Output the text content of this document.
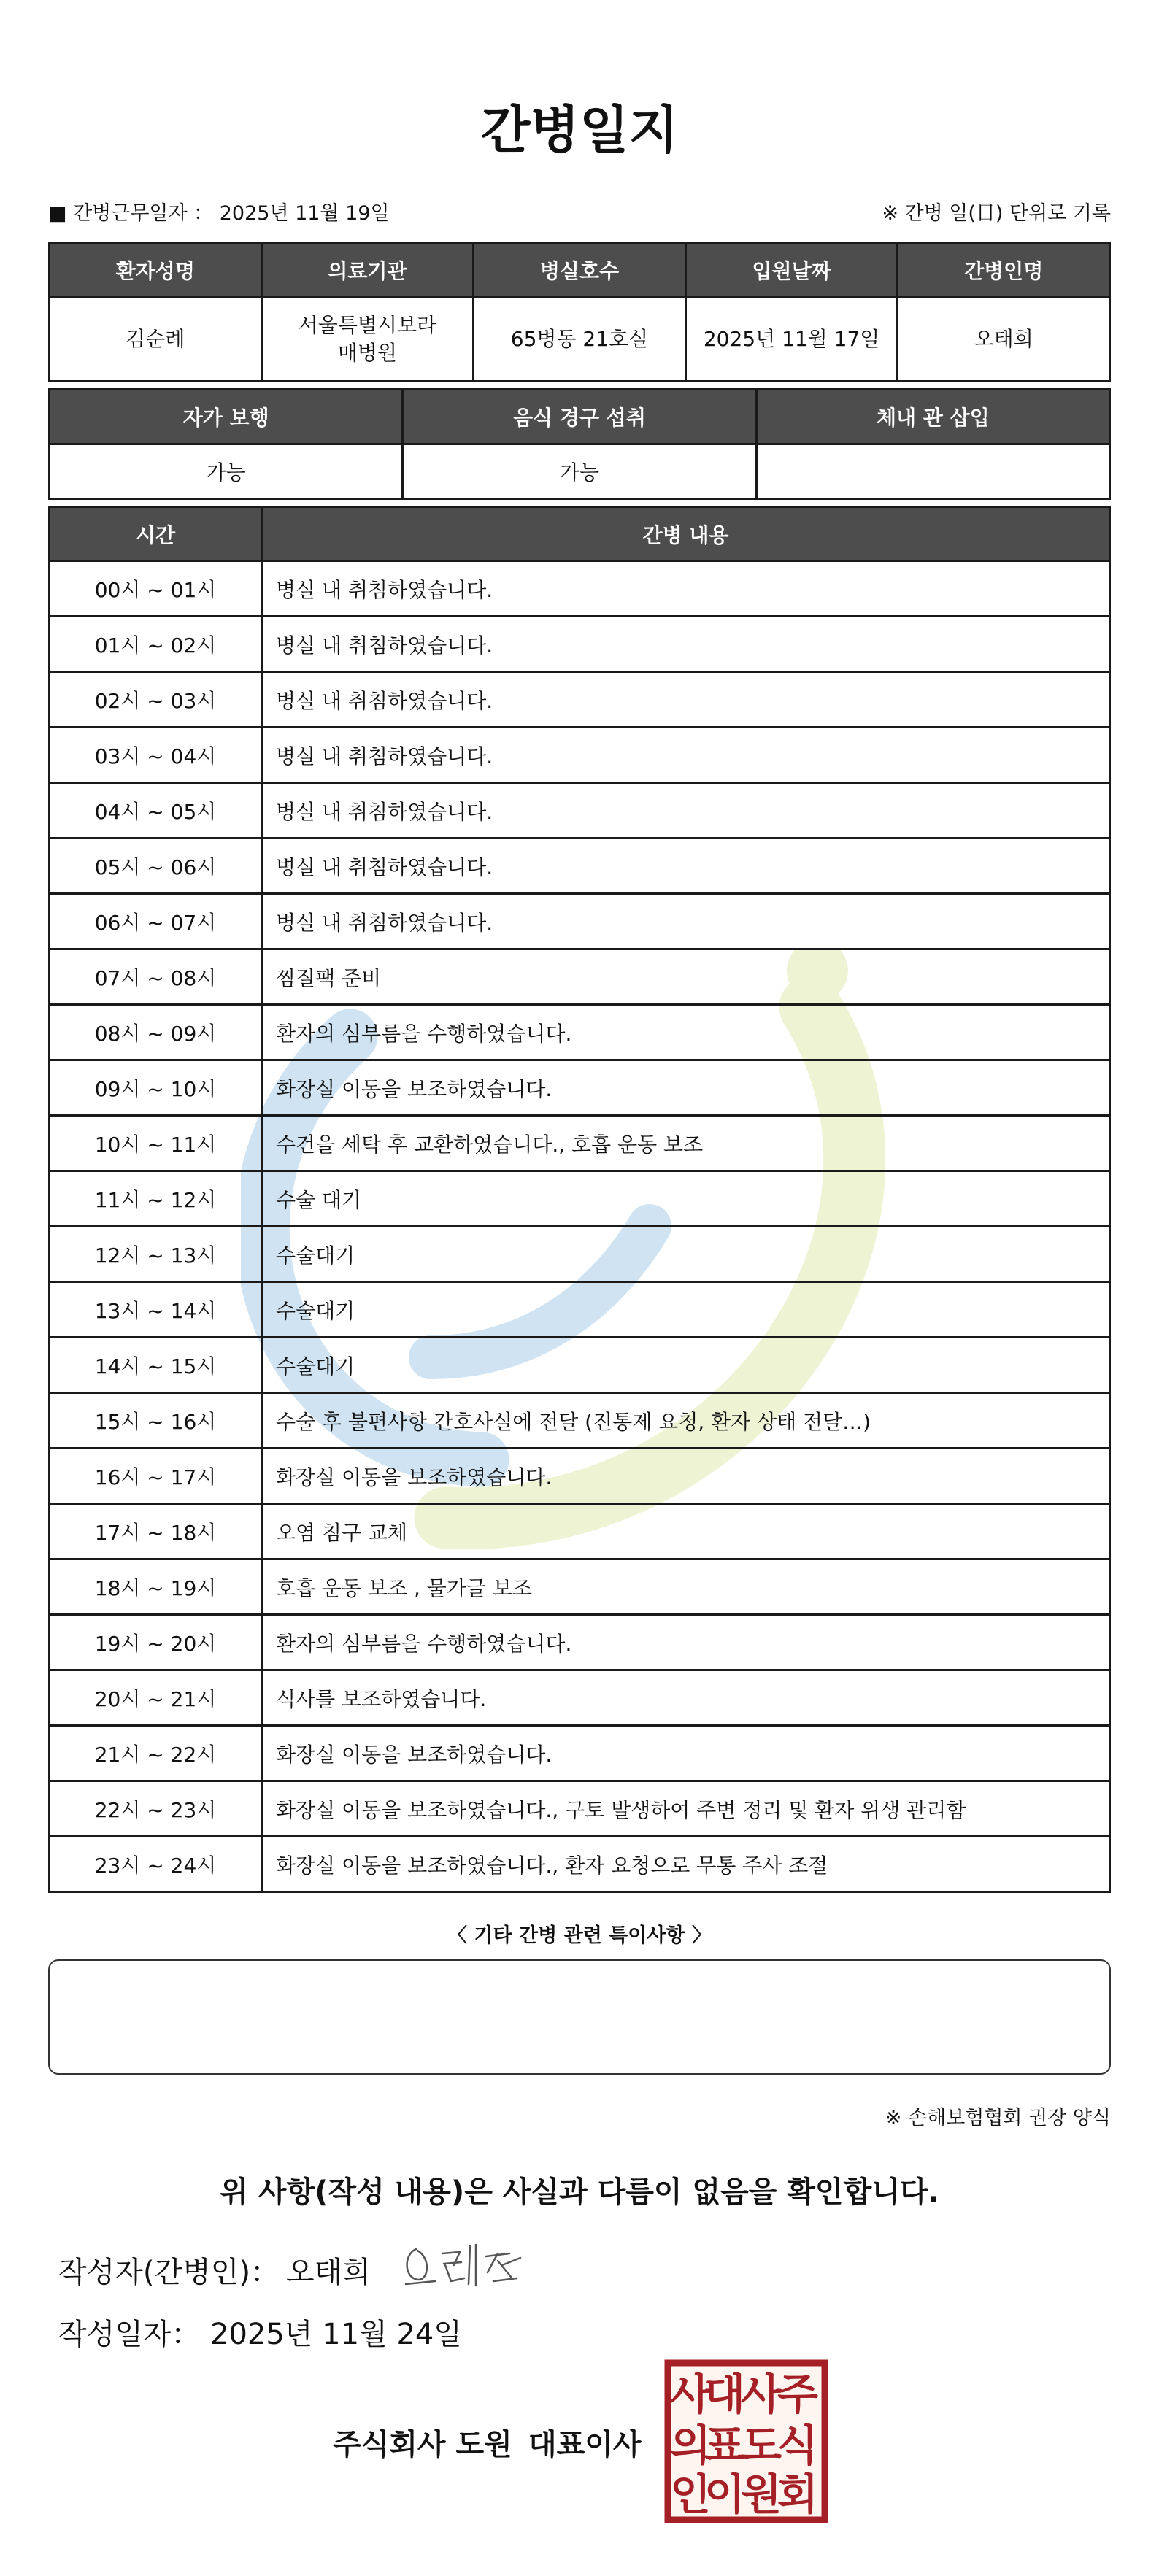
간병일지
■ 간병근무일자 ： 2025년 11월 19일	※ 간병 일(日) 단위로 기록
환자성명	의료기관	병실호수	입원날짜	간병인명
김순례	서울특별시보라매병원	65병동 21호실	2025년 11월 17일	오태희
자가 보행	음식 경구 섭취	체내 관 삽입
가능	가능	
시간	간병 내용
00시 ~ 01시	병실 내 취침하였습니다.
01시 ~ 02시	병실 내 취침하였습니다.
02시 ~ 03시	병실 내 취침하였습니다.
03시 ~ 04시	병실 내 취침하였습니다.
04시 ~ 05시	병실 내 취침하였습니다.
05시 ~ 06시	병실 내 취침하였습니다.
06시 ~ 07시	병실 내 취침하였습니다.
07시 ~ 08시	찜질팩 준비
08시 ~ 09시	환자의 심부름을 수행하였습니다.
09시 ~ 10시	화장실 이동을 보조하였습니다.
10시 ~ 11시	수건을 세탁 후 교환하였습니다., 호흡 운동 보조
11시 ~ 12시	수술 대기
12시 ~ 13시	수술대기
13시 ~ 14시	수술대기
14시 ~ 15시	수술대기
15시 ~ 16시	수술 후 불편사항 간호사실에 전달 (진통제 요청, 환자 상태 전달…)
16시 ~ 17시	화장실 이동을 보조하였습니다.
17시 ~ 18시	오염 침구 교체
18시 ~ 19시	호흡 운동 보조 , 물가글 보조
19시 ~ 20시	환자의 심부름을 수행하였습니다.
20시 ~ 21시	식사를 보조하였습니다.
21시 ~ 22시	화장실 이동을 보조하였습니다.
22시 ~ 23시	화장실 이동을 보조하였습니다., 구토 발생하여 주변 정리 및 환자 위생 관리함
23시 ~ 24시	화장실 이동을 보조하였습니다., 환자 요청으로 무통 주사 조절
〈 기타 간병 관련 특이사항 〉
※ 손해보험협회 권장 양식
위 사항(작성 내용)은 사실과 다름이 없음을 확인합니다.
작성자(간병인)： 오태희
작성일자： 2025년 11월 24일
주식회사 도원 대표이사
주
식
회
사
도
원
대
표
이
사
의
인
